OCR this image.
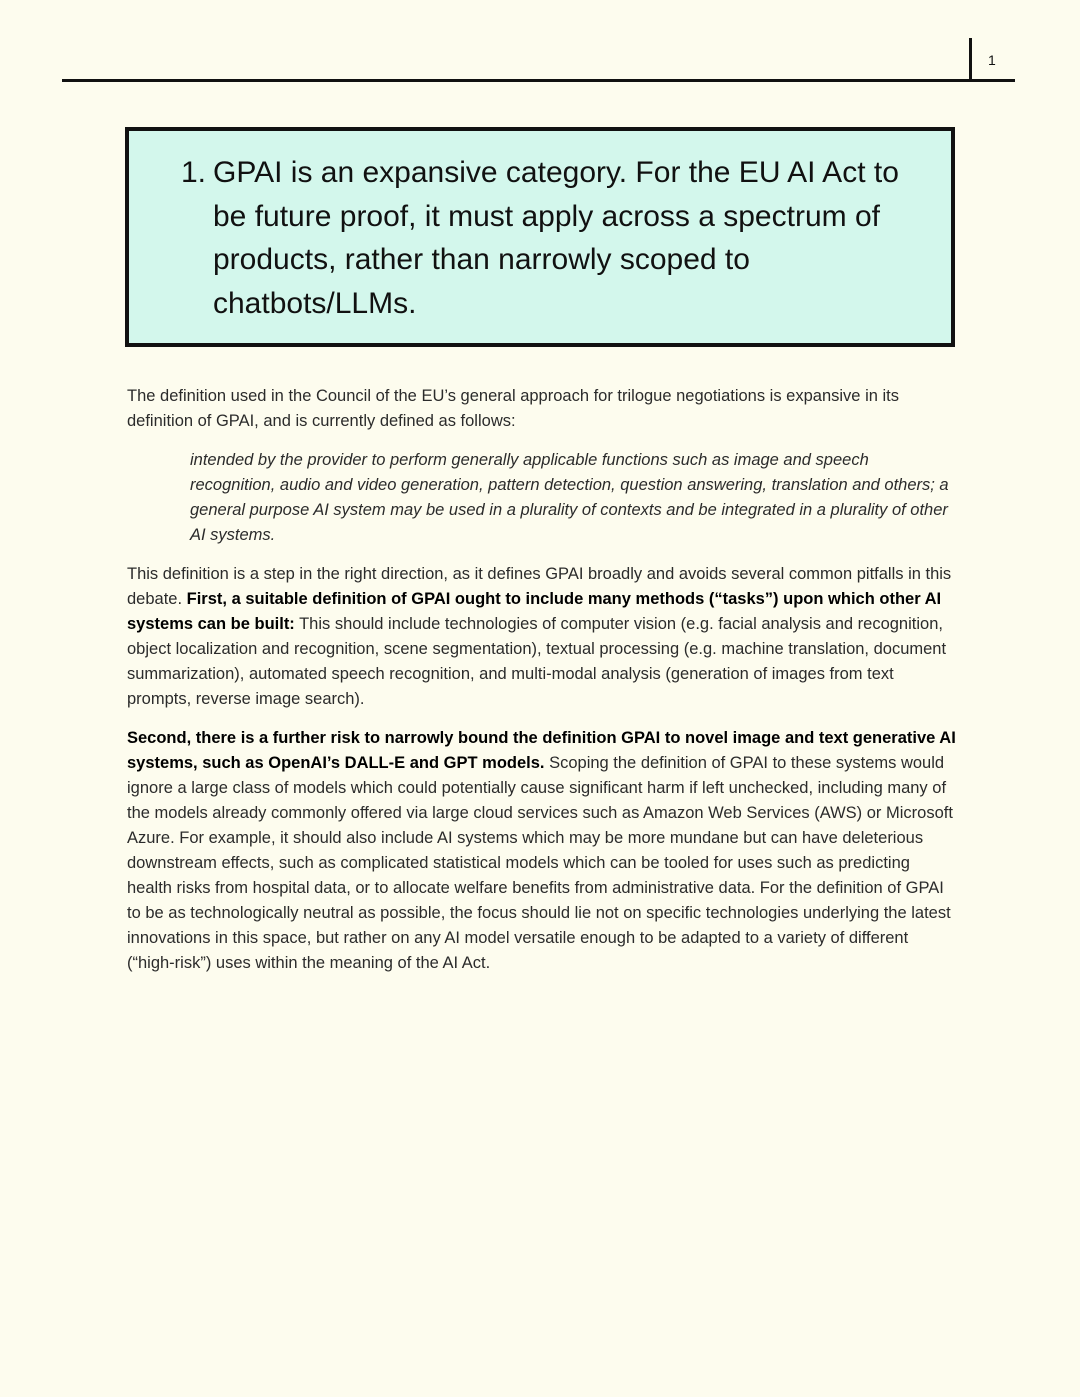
1
1. GPAI is an expansive category. For the EU AI Act to be future proof, it must apply across a spectrum of products, rather than narrowly scoped to chatbots/LLMs.

The definition used in the Council of the EU’s general approach for trilogue negotiations is expansive in its definition of GPAI, and is currently defined as follows:

intended by the provider to perform generally applicable functions such as image and speech recognition, audio and video generation, pattern detection, question answering, translation and others; a general purpose AI system may be used in a plurality of contexts and be integrated in a plurality of other AI systems.

This definition is a step in the right direction, as it defines GPAI broadly and avoids several common pitfalls in this debate. First, a suitable definition of GPAI ought to include many methods (“tasks”) upon which other AI systems can be built: This should include technologies of computer vision (e.g. facial analysis and recognition, object localization and recognition, scene segmentation), textual processing (e.g. machine translation, document summarization), automated speech recognition, and multi-modal analysis (generation of images from text prompts, reverse image search).

Second, there is a further risk to narrowly bound the definition GPAI to novel image and text generative AI systems, such as OpenAI’s DALL-E and GPT models. Scoping the definition of GPAI to these systems would ignore a large class of models which could potentially cause significant harm if left unchecked, including many of the models already commonly offered via large cloud services such as Amazon Web Services (AWS) or Microsoft Azure. For example, it should also include AI systems which may be more mundane but can have deleterious downstream effects, such as complicated statistical models which can be tooled for uses such as predicting health risks from hospital data, or to allocate welfare benefits from administrative data. For the definition of GPAI to be as technologically neutral as possible, the focus should lie not on specific technologies underlying the latest innovations in this space, but rather on any AI model versatile enough to be adapted to a variety of different (“high-risk”) uses within the meaning of the AI Act.
